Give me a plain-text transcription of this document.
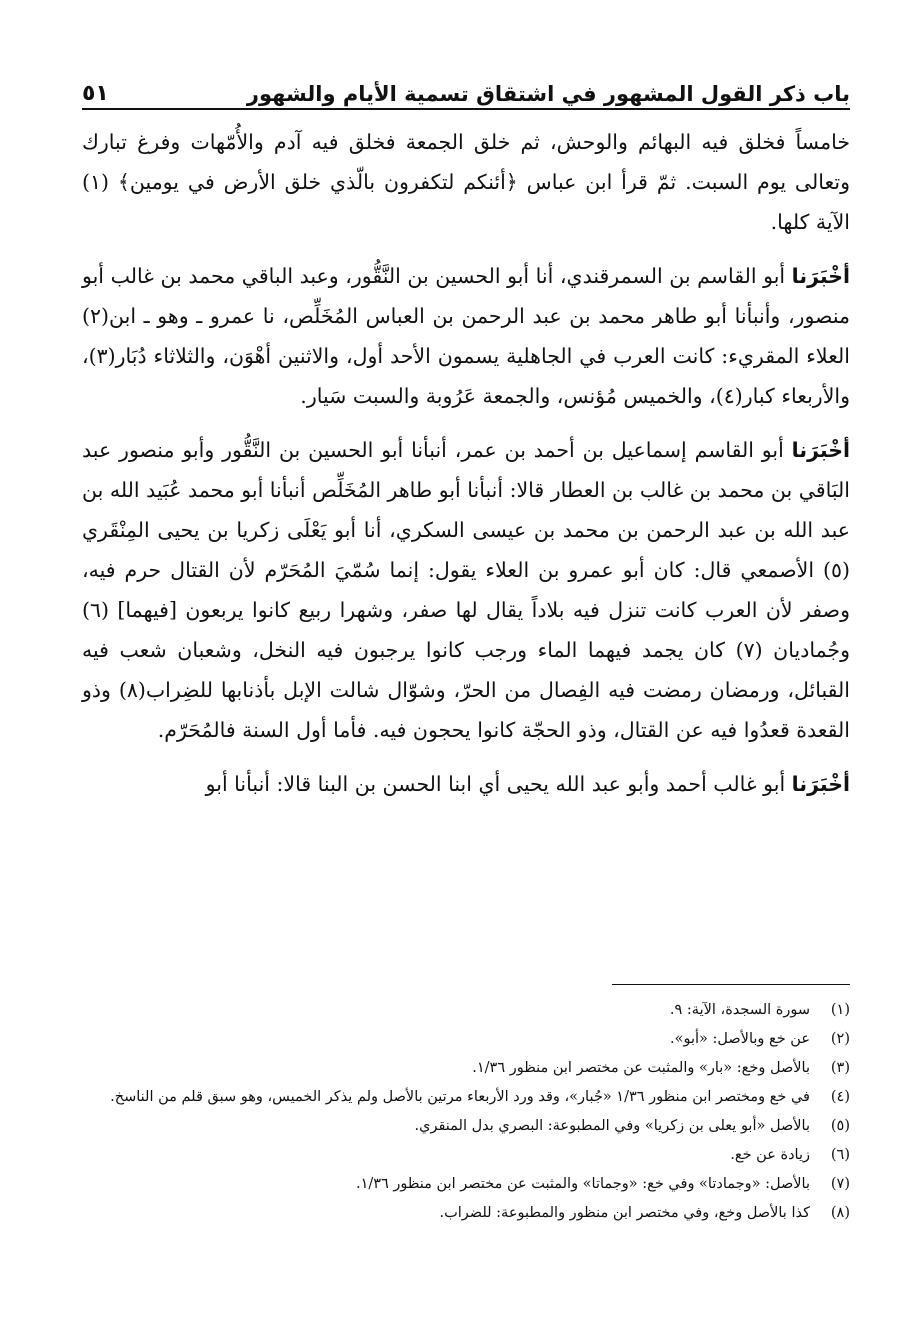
باب ذكر القول المشهور في اشتقاق تسمية الأيام والشهور
٥١

خامساً فخلق فيه البهائم والوحش، ثم خلق الجمعة فخلق فيه آدم والأُمّهات وفرغ تبارك وتعالى يوم السبت. ثمّ قرأ ابن عباس ﴿أئنكم لتكفرون بالّذي خلق الأرض في يومين﴾ (١) الآية كلها.

أخْبَرَنا أبو القاسم بن السمرقندي، أنا أبو الحسين بن النَّقُّور، وعبد الباقي محمد بن غالب أبو منصور، وأنبأنا أبو طاهر محمد بن عبد الرحمن بن العباس المُخَلِّص، نا عمرو ـ وهو ـ ابن(٢) العلاء المقريء: كانت العرب في الجاهلية يسمون الأحد أول، والاثنين أهْوَن، والثلاثاء دُبَار(٣)، والأربعاء كبار(٤)، والخميس مُؤنس، والجمعة عَرُوبة والسبت سَيار.

أخْبَرَنا أبو القاسم إسماعيل بن أحمد بن عمر، أنبأنا أبو الحسين بن النَّقُّور وأبو منصور عبد البَاقي بن محمد بن غالب بن العطار قالا: أنبأنا أبو طاهر المُخَلِّص أنبأنا أبو محمد عُبَيد الله بن عبد الله بن عبد الرحمن بن محمد بن عيسى السكري، أنا أبو يَعْلَى زكريا بن يحيى المِنْقَري (٥) الأصمعي قال: كان أبو عمرو بن العلاء يقول: إنما سُمّيَ المُحَرّم لأن القتال حرم فيه، وصفر لأن العرب كانت تنزل فيه بلاداً يقال لها صفر، وشهرا ربيع كانوا يربعون [فيهما] (٦) وجُماديان (٧) كان يجمد فيهما الماء ورجب كانوا يرجبون فيه النخل، وشعبان شعب فيه القبائل، ورمضان رمضت فيه الفِصال من الحرّ، وشوّال شالت الإبل بأذنابها للضِراب(٨) وذو القعدة قعدُوا فيه عن القتال، وذو الحجّة كانوا يحجون فيه. فأما أول السنة فالمُحَرّم.

أخْبَرَنا أبو غالب أحمد وأبو عبد الله يحيى أي ابنا الحسن بن البنا قالا: أنبأنا أبو

(١)
سورة السجدة، الآية: ٩.
(٢)
عن خ‍ع وبالأصل: «أبو».
(٣)
بالأصل وخ‍ع: «بار» والمثبت عن مختصر ابن منظور ١/٣٦.
(٤)
في خ‍ع ومختصر ابن منظور ١/٣٦ «جُبار»، وقد ورد الأربعاء مرتين بالأصل ولم يذكر الخميس، وهو سبق قلم من الناسخ.
(٥)
بالأصل «أبو يعلى بن زكريا» وفي المطبوعة: البصري بدل المنقري.
(٦)
زيادة عن خ‍ع.
(٧)
بالأصل: «وجمادتا» وفي خ‍ع: «وجماتا» والمثبت عن مختصر ابن منظور ١/٣٦.
(٨)
كذا بالأصل وخ‍ع، وفي مختصر ابن منظور والمطبوعة: للضراب.
